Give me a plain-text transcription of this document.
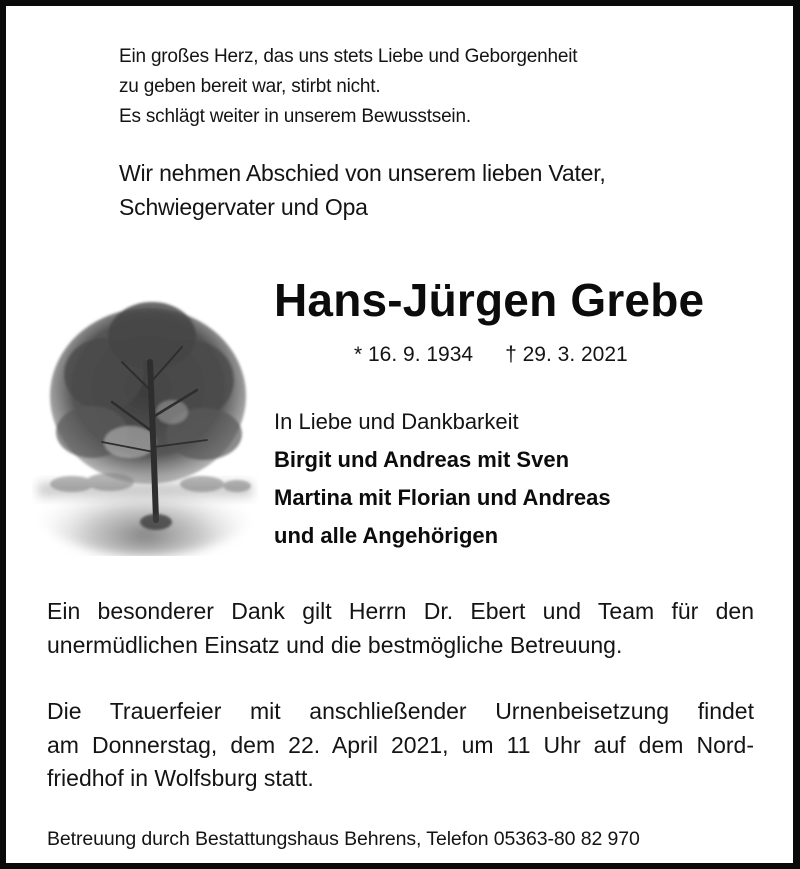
Ein großes Herz, das uns stets Liebe und Geborgenheit
zu geben bereit war, stirbt nicht.
Es schlägt weiter in unserem Bewusstsein.
Wir nehmen Abschied von unserem lieben Vater,
Schwiegervater und Opa
Hans-Jürgen Grebe
* 16. 9. 1934 † 29. 3. 2021
In Liebe und Dankbarkeit
Birgit und Andreas mit Sven
Martina mit Florian und Andreas
und alle Angehörigen
Ein besonderer Dank gilt Herrn Dr. Ebert und Team für den
unermüdlichen Einsatz und die bestmögliche Betreuung.
Die Trauerfeier mit anschließender Urnenbeisetzung findet
am Donnerstag, dem 22. April 2021, um 11 Uhr auf dem Nord-
friedhof in Wolfsburg statt.
Betreuung durch Bestattungshaus Behrens, Telefon 05363-80 82 970
